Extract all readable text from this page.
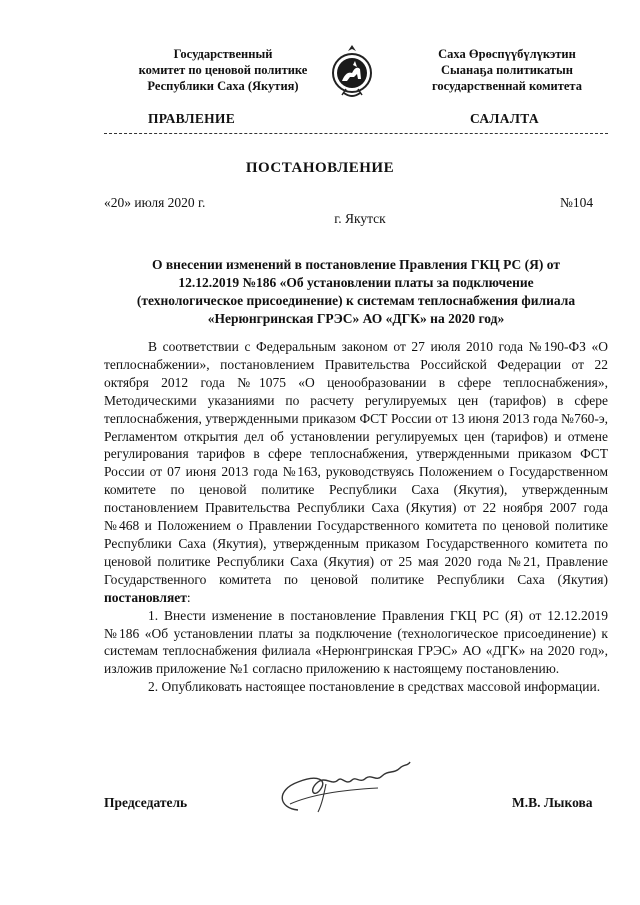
Государственный
комитет по ценовой политике
Республики Саха (Якутия)
Саха Өрөспүүбүлүкэтин
Сыанаҕа политикатын
государственнай комитета
ПРАВЛЕНИЕ	САЛАЛТА
ПОСТАНОВЛЕНИЕ
«20» июля 2020 г.	№104
г. Якутск
О внесении изменений в постановление Правления ГКЦ РС (Я) от
12.12.2019 №186 «Об установлении платы за подключение
(технологическое присоединение) к системам теплоснабжения филиала
«Нерюнгринская ГРЭС» АО «ДГК» на 2020 год»

В соответствии с Федеральным законом от 27 июля 2010 года №190-ФЗ «О теплоснабжении», постановлением Правительства Российской Федерации от 22 октября 2012 года №1075 «О ценообразовании в сфере теплоснабжения», Методическими указаниями по расчету регулируемых цен (тарифов) в сфере теплоснабжения, утвержденными приказом ФСТ России от 13 июня 2013 года №760-э, Регламентом открытия дел об установлении регулируемых цен (тарифов) и отмене регулирования тарифов в сфере теплоснабжения, утвержденными приказом ФСТ России от 07 июня 2013 года №163, руководствуясь Положением о Государственном комитете по ценовой политике Республики Саха (Якутия), утвержденным постановлением Правительства Республики Саха (Якутия) от 22 ноября 2007 года №468 и Положением о Правлении Государственного комитета по ценовой политике Республики Саха (Якутия), утвержденным приказом Государственного комитета по ценовой политике Республики Саха (Якутия) от 25 мая 2020 года №21, Правление Государственного комитета по ценовой политике Республики Саха (Якутия) постановляет:

1. Внести изменение в постановление Правления ГКЦ РС (Я) от 12.12.2019 №186 «Об установлении платы за подключение (технологическое присоединение) к системам теплоснабжения филиала «Нерюнгринская ГРЭС» АО «ДГК» на 2020 год», изложив приложение №1 согласно приложению к настоящему постановлению.

2. Опубликовать настоящее постановление в средствах массовой информации.

Председатель	М.В. Лыкова
